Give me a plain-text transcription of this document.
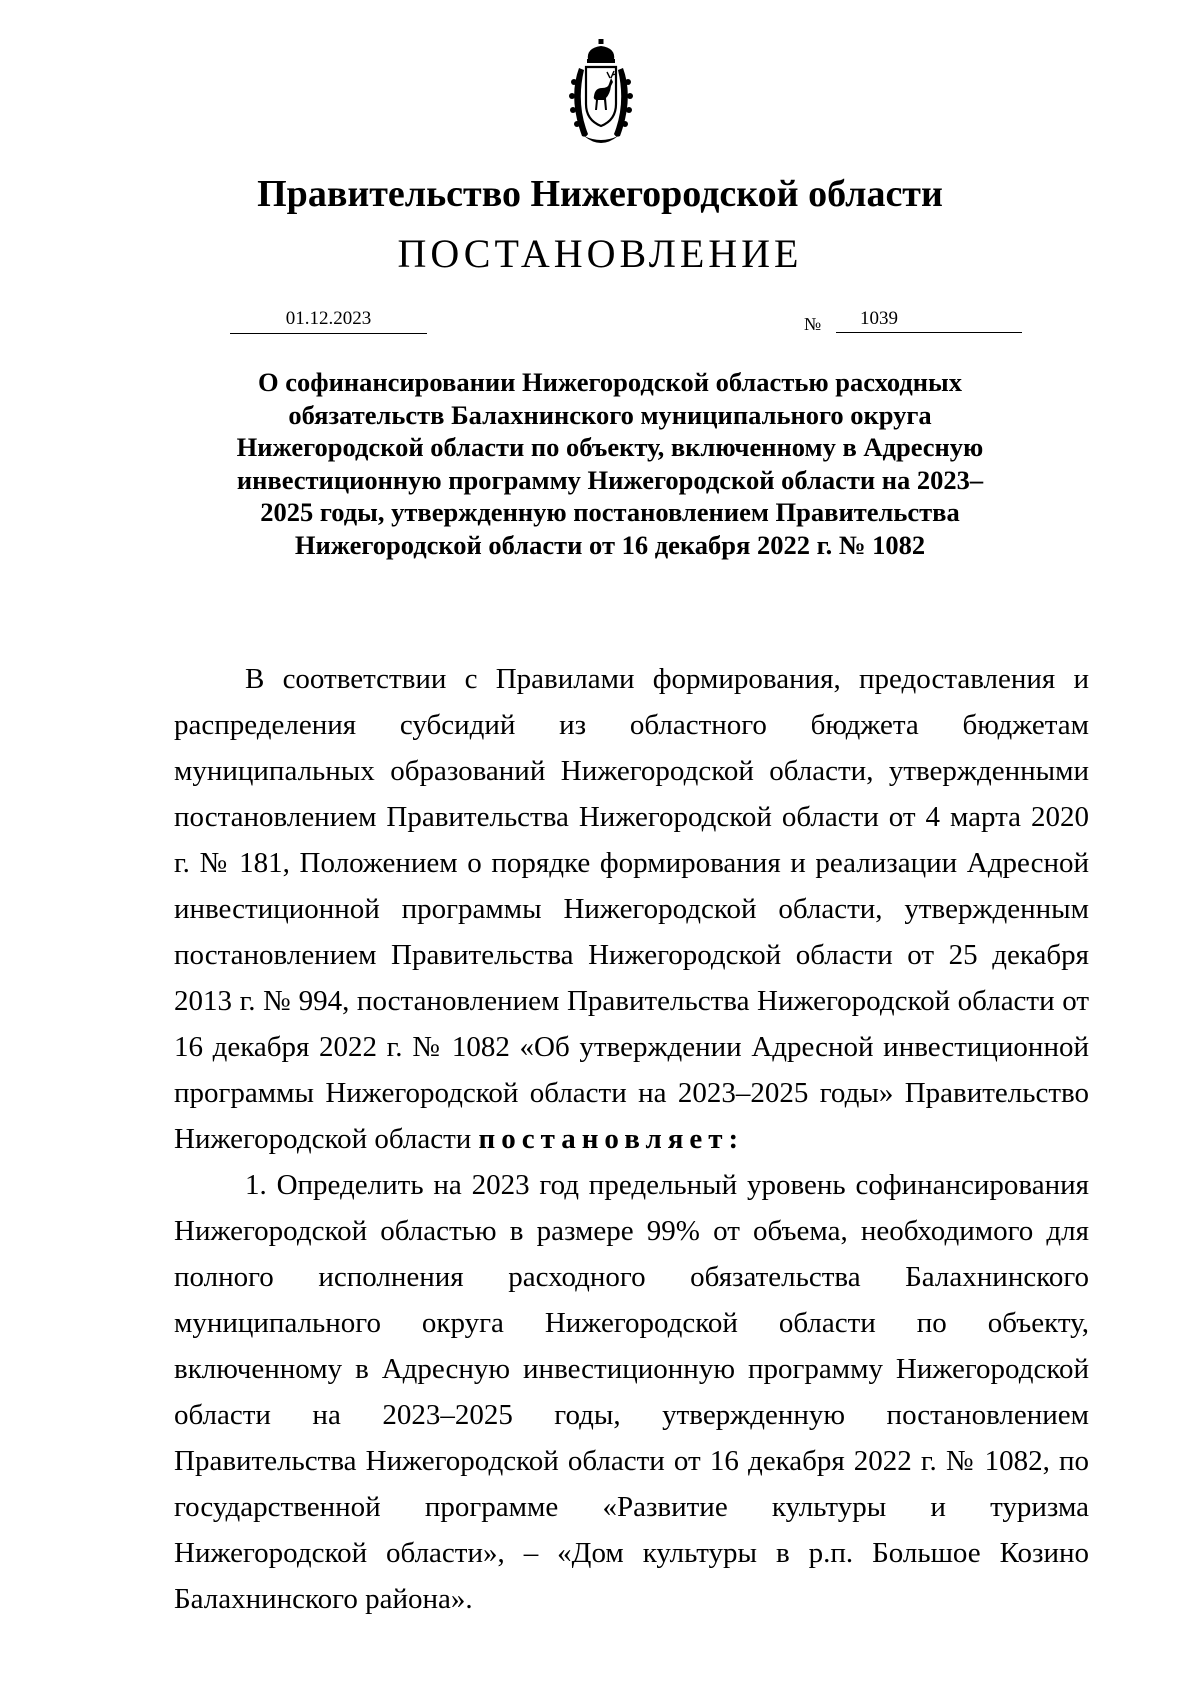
Правительство Нижегородской области
ПОСТАНОВЛЕНИЕ
01.12.2023	№	1039
О софинансировании Нижегородской областью расходных обязательств Балахнинского муниципального округа Нижегородской области по объекту, включенному в Адресную инвестиционную программу Нижегородской области на 2023–2025 годы, утвержденную постановлением Правительства Нижегородской области от 16 декабря 2022 г. № 1082

В соответствии с Правилами формирования, предоставления и распределения субсидий из областного бюджета бюджетам муниципальных образований Нижегородской области, утвержденными постановлением Правительства Нижегородской области от 4 марта 2020 г. № 181, Положением о порядке формирования и реализации Адресной инвестиционной программы Нижегородской области, утвержденным постановлением Правительства Нижегородской области от 25 декабря 2013 г. № 994, постановлением Правительства Нижегородской области от 16 декабря 2022 г. № 1082 «Об утверждении Адресной инвестиционной программы Нижегородской области на 2023–2025 годы» Правительство Нижегородской области постановляет:

1. Определить на 2023 год предельный уровень софинансирования Нижегородской областью в размере 99% от объема, необходимого для полного исполнения расходного обязательства Балахнинского муниципального округа Нижегородской области по объекту, включенному в Адресную инвестиционную программу Нижегородской области на 2023–2025 годы, утвержденную постановлением Правительства Нижегородской области от 16 декабря 2022 г. № 1082, по государственной программе «Развитие культуры и туризма Нижегородской области», – «Дом культуры в р.п. Большое Козино Балахнинского района».
